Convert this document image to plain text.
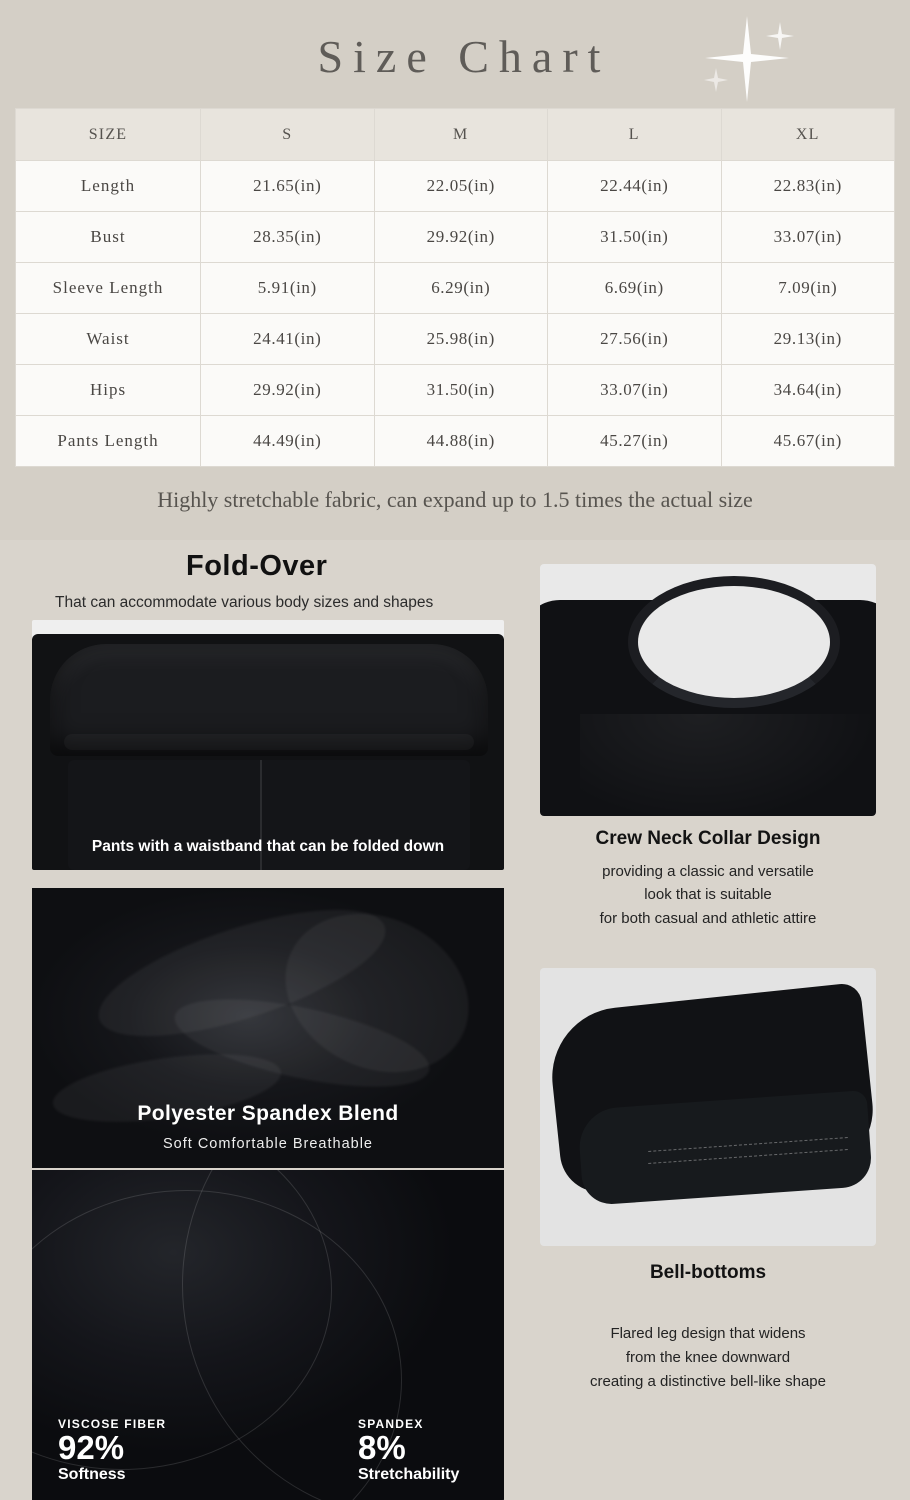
Size Chart
SIZE	S	M	L	XL
Length	21.65(in)	22.05(in)	22.44(in)	22.83(in)
Bust	28.35(in)	29.92(in)	31.50(in)	33.07(in)
Sleeve Length	5.91(in)	6.29(in)	6.69(in)	7.09(in)
Waist	24.41(in)	25.98(in)	27.56(in)	29.13(in)
Hips	29.92(in)	31.50(in)	33.07(in)	34.64(in)
Pants Length	44.49(in)	44.88(in)	45.27(in)	45.67(in)
Highly stretchable fabric, can expand up to 1.5 times the actual size
Fold-Over
That can accommodate various body sizes and shapes
Pants with a waistband that can be folded down	Crew Neck Collar Design
providing a classic and versatile
look that is suitable
for both casual and athletic attire
Polyester Spandex Blend
Soft Comfortable Breathable
Bell-bottoms
Flared leg design that widens
from the knee downward
creating a distinctive bell-like shape
VISCOSE FIBER
92%
Softness
SPANDEX
8%
Stretchability
